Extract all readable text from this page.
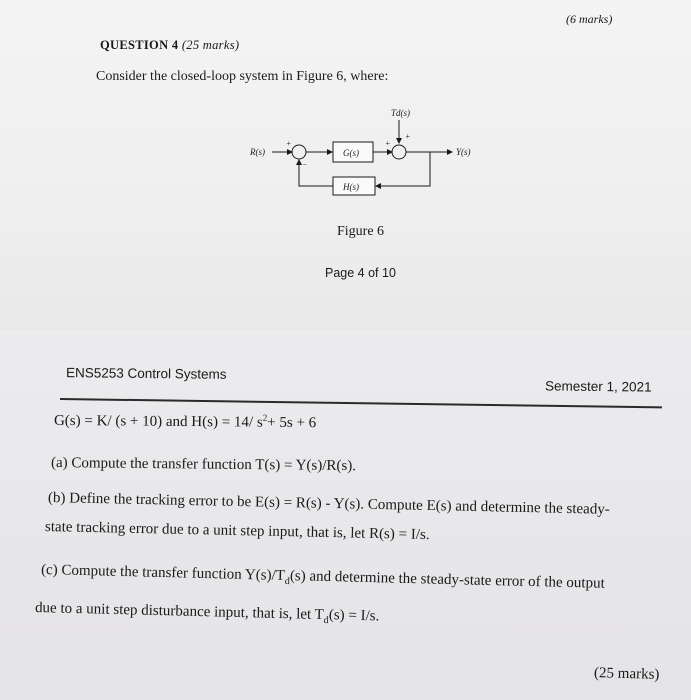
(6 marks)
QUESTION 4 (25 marks)
Consider the closed-loop system in Figure 6, where:
R(s)
+
−
G(s)
+
+
Td(s)
Y(s)
H(s)
Figure 6
Page 4 of 10
ENS5253 Control Systems
Semester 1, 2021
G(s) = K/ (s + 10) and H(s) = 14/ $s^2+ 5s + 6$
(a) Compute the transfer function T(s) = Y(s)/R(s).
(b) Define the tracking error to be E(s) = R(s) - Y(s). Compute E(s) and determine the steady-
state tracking error due to a unit step input, that is, let R(s) = I/s.
(c) Compute the transfer function $Y(s)/T_d(s)$ and determine the steady-state error of the output
due to a unit step disturbance input, that is, let $T_d(s) = I/s$.
(25 marks)
